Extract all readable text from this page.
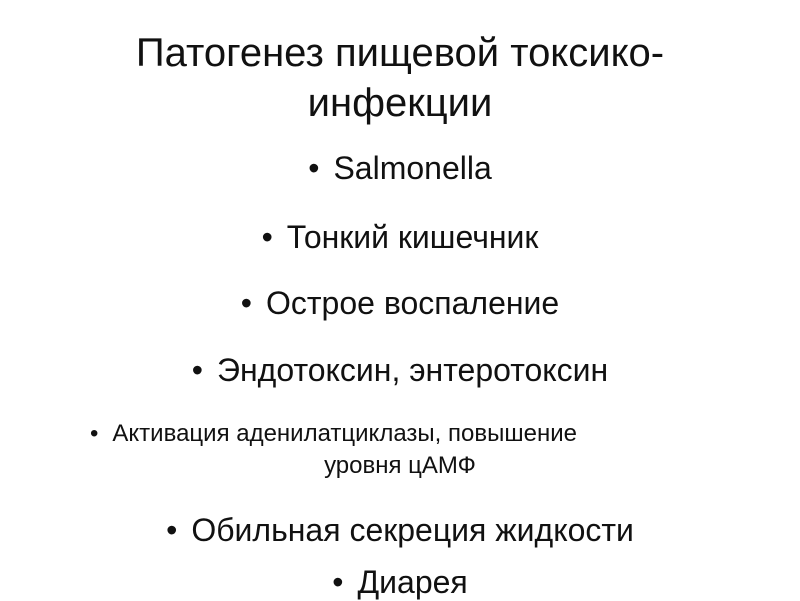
Патогенез пищевой токсико-
инфекции
• Salmonella
• Тонкий кишечник
• Острое воспаление
• Эндотоксин, энтеротоксин
• Активация аденилатциклазы, повышение
уровня цАМФ
• Обильная секреция жидкости
• Диарея
